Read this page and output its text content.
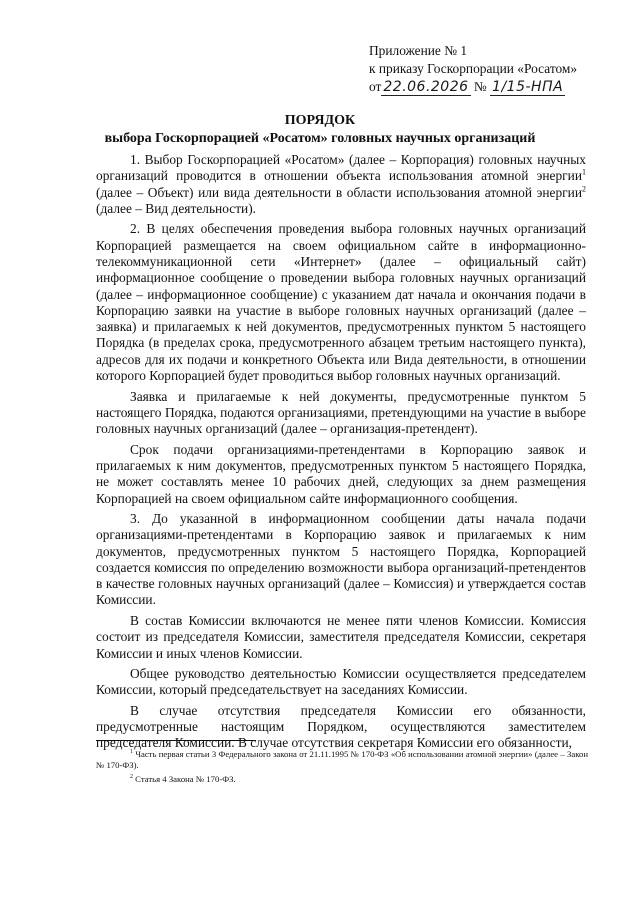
Приложение № 1
к приказу Госкорпорации «Росатом»
от 22.06.2026 № 1/15-НПА
ПОРЯДОК
выбора Госкорпорацией «Росатом» головных научных организаций

1. Выбор Госкорпорацией «Росатом» (далее – Корпорация) головных научных организаций проводится в отношении объекта использования атомной энергии$^1$ (далее – Объект) или вида деятельности в области использования атомной энергии$^2$ (далее – Вид деятельности).

2. В целях обеспечения проведения выбора головных научных организаций Корпорацией размещается на своем официальном сайте в информационно-телекоммуникационной сети «Интернет» (далее – официальный сайт) информационное сообщение о проведении выбора головных научных организаций (далее – информационное сообщение) с указанием дат начала и окончания подачи в Корпорацию заявки на участие в выборе головных научных организаций (далее – заявка) и прилагаемых к ней документов, предусмотренных пунктом 5 настоящего Порядка (в пределах срока, предусмотренного абзацем третьим настоящего пункта), адресов для их подачи и конкретного Объекта или Вида деятельности, в отношении которого Корпорацией будет проводиться выбор головных научных организаций.

Заявка и прилагаемые к ней документы, предусмотренные пунктом 5 настоящего Порядка, подаются организациями, претендующими на участие в выборе головных научных организаций (далее – организация-претендент).

Срок подачи организациями-претендентами в Корпорацию заявок и прилагаемых к ним документов, предусмотренных пунктом 5 настоящего Порядка, не может составлять менее 10 рабочих дней, следующих за днем размещения Корпорацией на своем официальном сайте информационного сообщения.

3. До указанной в информационном сообщении даты начала подачи организациями-претендентами в Корпорацию заявок и прилагаемых к ним документов, предусмотренных пунктом 5 настоящего Порядка, Корпорацией создается комиссия по определению возможности выбора организаций-претендентов в качестве головных научных организаций (далее – Комиссия) и утверждается состав Комиссии.

В состав Комиссии включаются не менее пяти членов Комиссии. Комиссия состоит из председателя Комиссии, заместителя председателя Комиссии, секретаря Комиссии и иных членов Комиссии.

Общее руководство деятельностью Комиссии осуществляется председателем Комиссии, который председательствует на заседаниях Комиссии.

В случае отсутствия председателя Комиссии его обязанности, предусмотренные настоящим Порядком, осуществляются заместителем председателя Комиссии. В случае отсутствия секретаря Комиссии его обязанности,

$^1$ Часть первая статьи 3 Федерального закона от 21.11.1995 № 170-ФЗ «Об использовании атомной энергии» (далее – Закон № 170-ФЗ).

$^2$ Статья 4 Закона № 170-ФЗ.
